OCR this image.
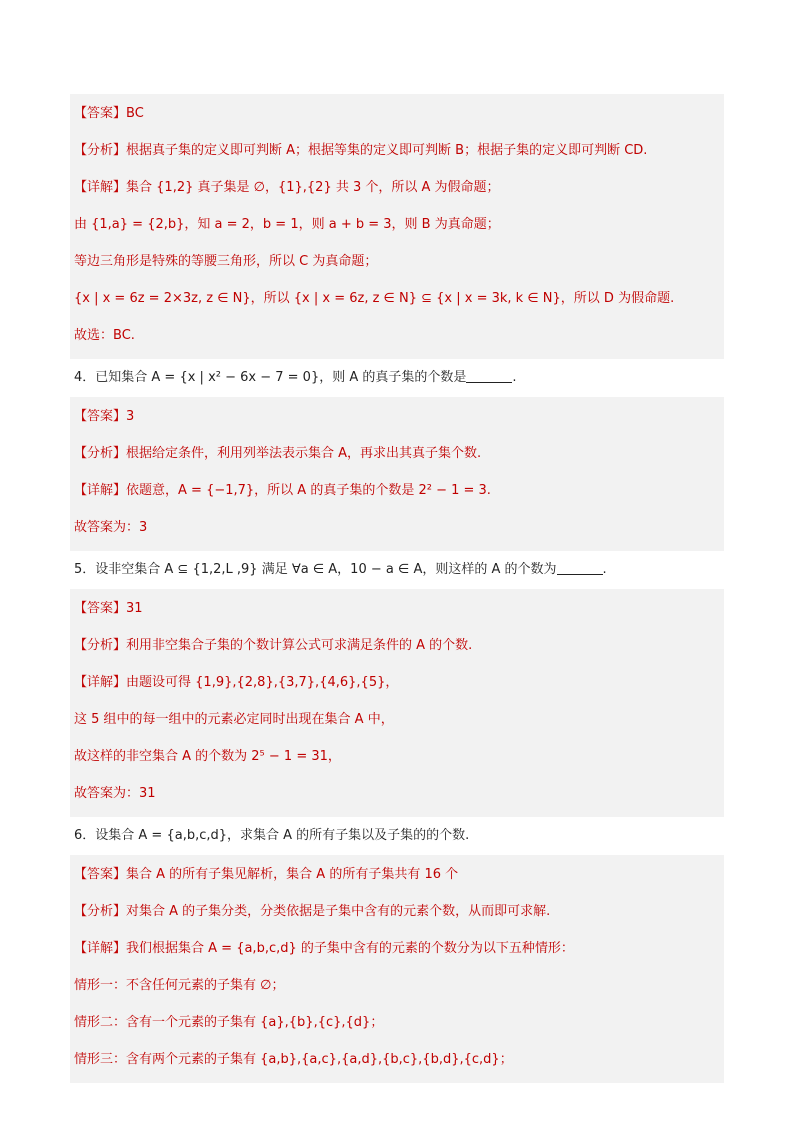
【答案】BC
【分析】根据真子集的定义即可判断 A；根据等集的定义即可判断 B；根据子集的定义即可判断 CD.
【详解】集合 {1,2} 真子集是 ∅，{1},{2} 共 3 个，所以 A 为假命题；
由 {1,a} = {2,b}，知 a = 2，b = 1，则 a + b = 3，则 B 为真命题；
等边三角形是特殊的等腰三角形，所以 C 为真命题；
{x | x = 6z = 2×3z, z ∈ N}，所以 {x | x = 6z, z ∈ N} ⊆ {x | x = 3k, k ∈ N}，所以 D 为假命题.
故选：BC.
4．已知集合 A = {x | x² − 6x − 7 = 0}，则 A 的真子集的个数是	.
【答案】3
【分析】根据给定条件，利用列举法表示集合 A，再求出其真子集个数.
【详解】依题意，A = {−1,7}，所以 A 的真子集的个数是 2² − 1 = 3.
故答案为：3
5．设非空集合 A ⊆ {1,2,L ,9} 满足 ∀a ∈ A，10 − a ∈ A，则这样的 A 的个数为	.
【答案】31
【分析】利用非空集合子集的个数计算公式可求满足条件的 A 的个数.
【详解】由题设可得 {1,9},{2,8},{3,7},{4,6},{5}，
这 5 组中的每一组中的元素必定同时出现在集合 A 中，
故这样的非空集合 A 的个数为 2⁵ − 1 = 31，
故答案为：31
6．设集合 A = {a,b,c,d}，求集合 A 的所有子集以及子集的的个数.
【答案】集合 A 的所有子集见解析，集合 A 的所有子集共有 16 个
【分析】对集合 A 的子集分类，分类依据是子集中含有的元素个数，从而即可求解.
【详解】我们根据集合 A = {a,b,c,d} 的子集中含有的元素的个数分为以下五种情形：
情形一：不含任何元素的子集有 ∅；
情形二：含有一个元素的子集有 {a},{b},{c},{d}；
情形三：含有两个元素的子集有 {a,b},{a,c},{a,d},{b,c},{b,d},{c,d}；
